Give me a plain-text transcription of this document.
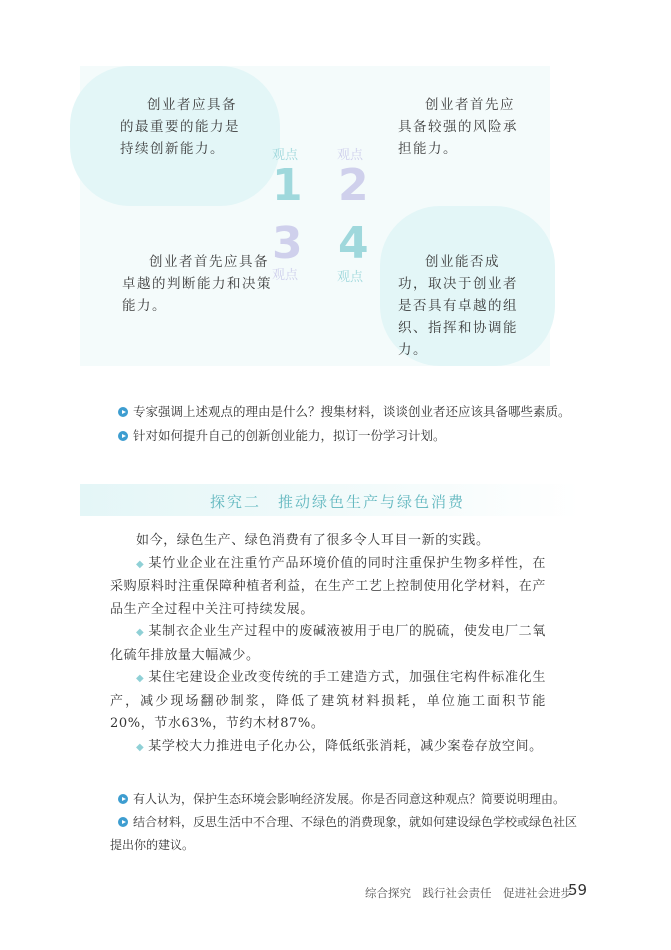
创业者应具备的最重要的能力是持续创新能力。

创业者首先应具备较强的风险承担能力。

创业者首先应具备卓越的判断能力和决策能力。

创业能否成功，取决于创业者是否具有卓越的组织、指挥和协调能力。

观点
1
观点
2
3
观点
4
观点
专家强调上述观点的理由是什么？搜集材料，谈谈创业者还应该具备哪些素质。
针对如何提升自己的创新创业能力，拟订一份学习计划。
探究二　推动绿色生产与绿色消费

如今，绿色生产、绿色消费有了很多令人耳目一新的实践。

◆ 某竹业企业在注重竹产品环境价值的同时注重保护生物多样性，在采购原料时注重保障种植者利益，在生产工艺上控制使用化学材料，在产品生产全过程中关注可持续发展。

◆ 某制衣企业生产过程中的废碱液被用于电厂的脱硫，使发电厂二氧化硫年排放量大幅减少。

◆ 某住宅建设企业改变传统的手工建造方式，加强住宅构件标准化生产，减少现场翻砂制浆，降低了建筑材料损耗，单位施工面积节能20%，节水63%，节约木材87%。

◆ 某学校大力推进电子化办公，降低纸张消耗，减少案卷存放空间。

有人认为，保护生态环境会影响经济发展。你是否同意这种观点？简要说明理由。

结合材料，反思生活中不合理、不绿色的消费现象，就如何建设绿色学校或绿色社区提出你的建议。

综合探究　践行社会责任　促进社会进步
59
